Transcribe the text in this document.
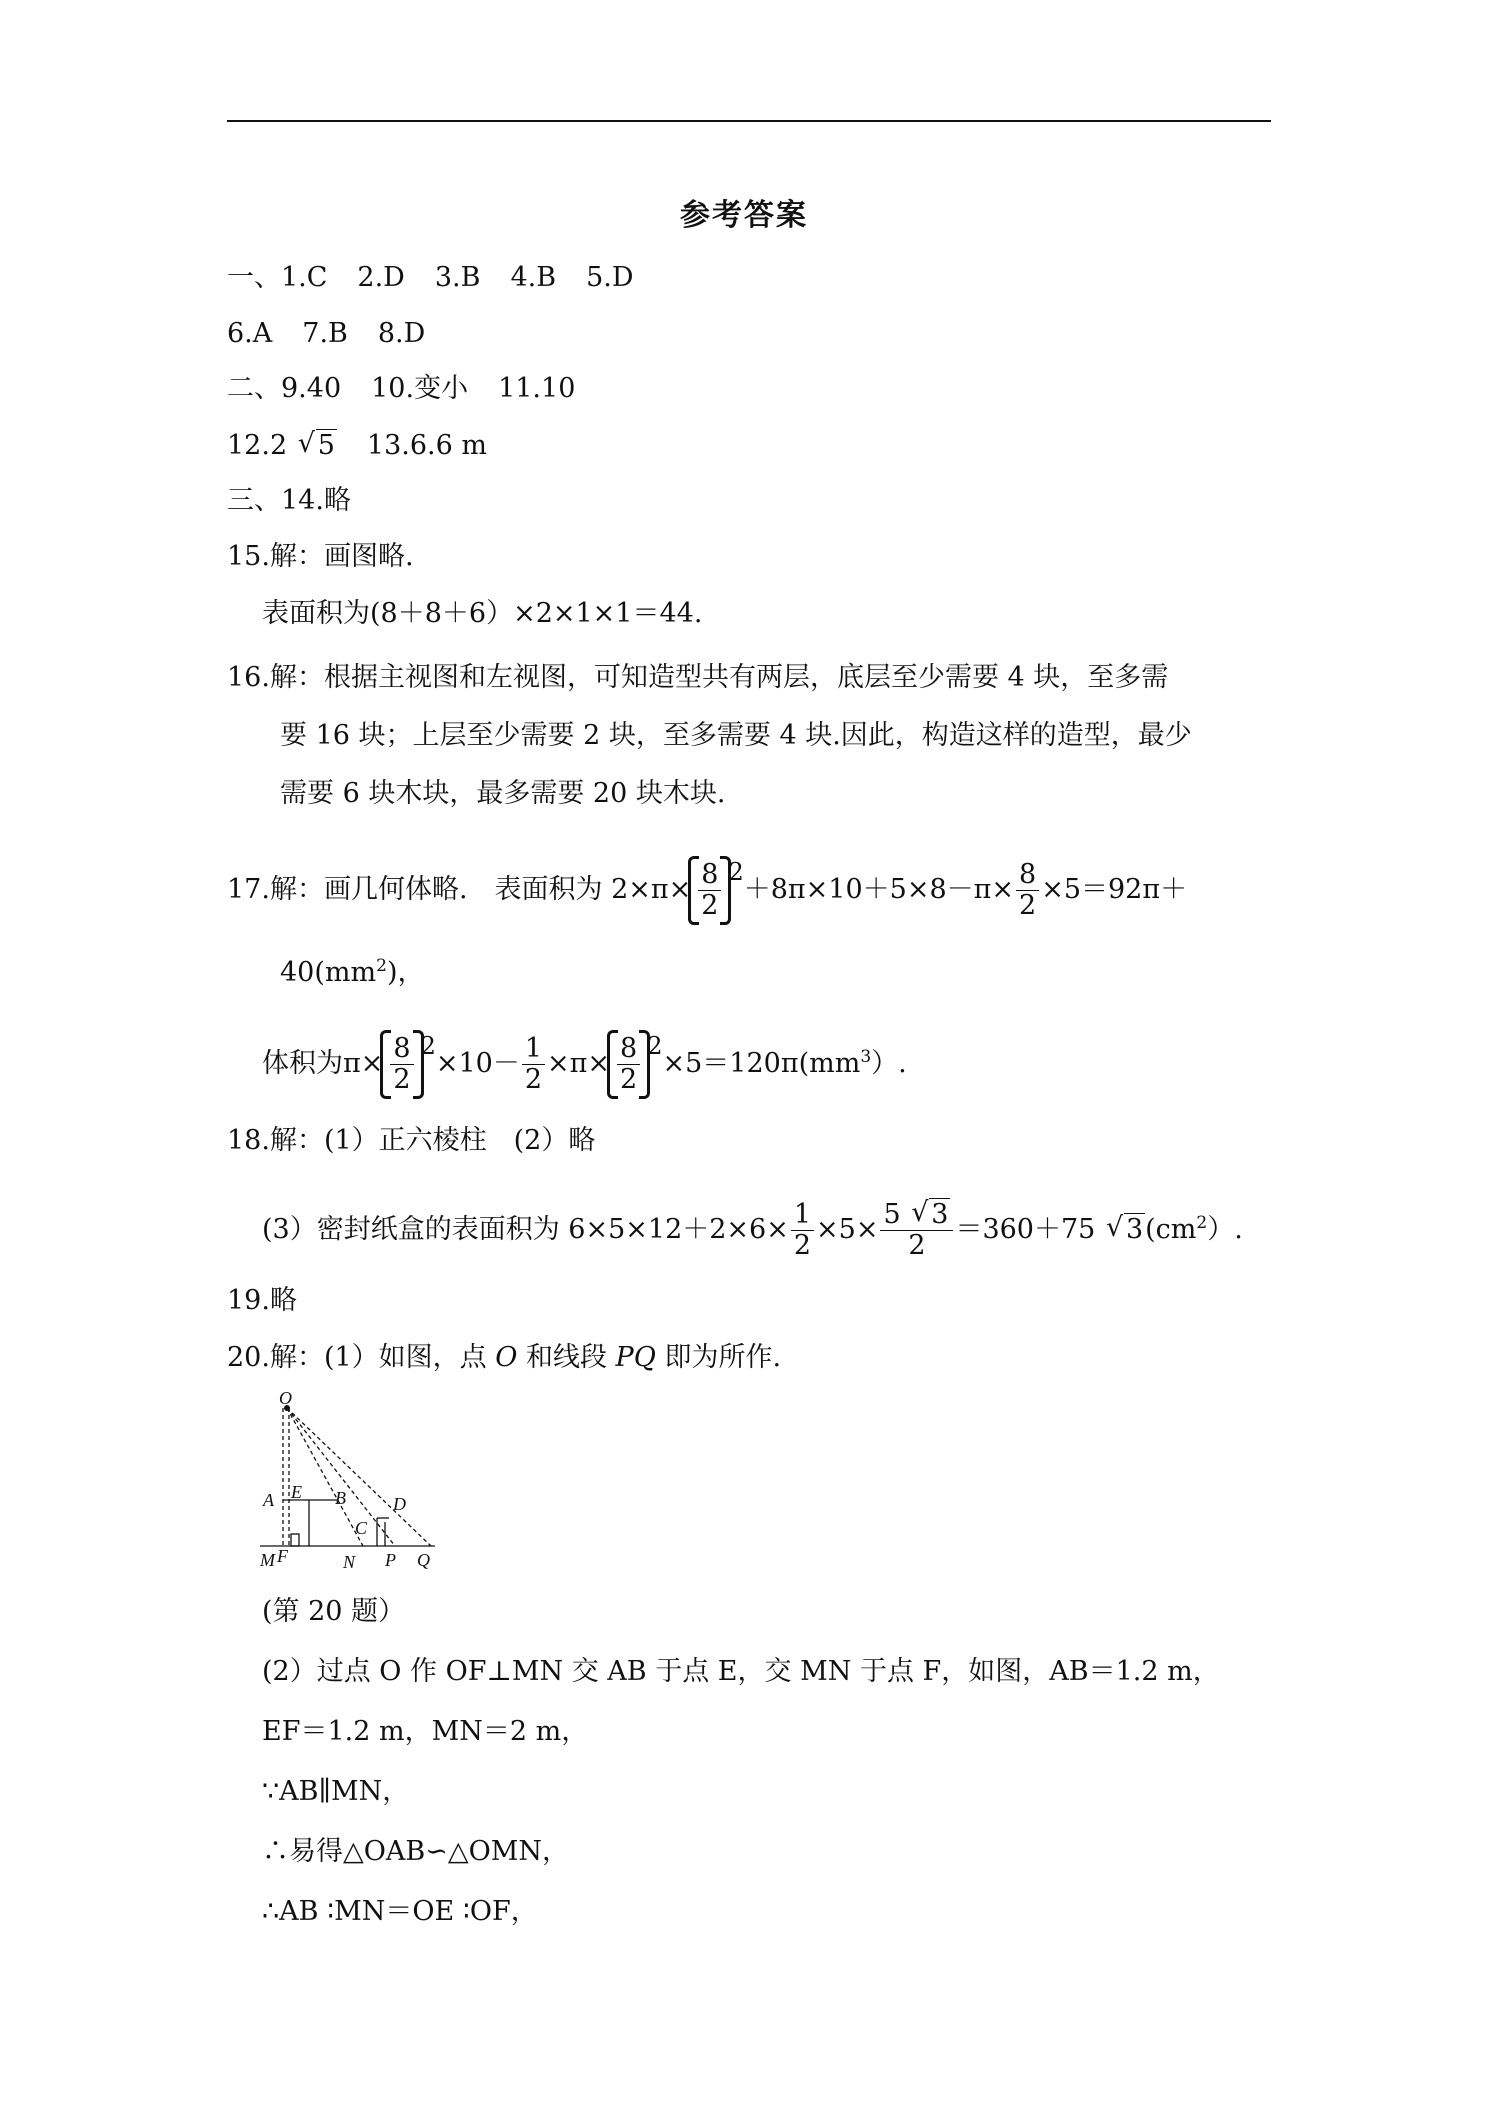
参考答案
一、1.C 2.D 3.B 4.B 5.D
6.A 7.B 8.D
二、9.40 10.变小 11.10
12.2 √ 5 13.6.6 m
三、14.略
15.解：画图略.
表面积为(8＋8＋6）×2×1×1＝44.
16.解：根据主视图和左视图，可知造型共有两层，底层至少需要 4 块，至多需
要 16 块；上层至少需要 2 块，至多需要 4 块.因此，构造这样的造型，最少
需要 6 块木块，最多需要 20 块木块.
17.解：画几何体略.　表面积为 $2\times\pi\times \frac{8}{2} ^2+8\pi\times 10+5\times 8-\pi\times \frac{8}{2} \times 5=92\pi+$
$40(mm^2)$，
体积为$\pi\times \frac{8}{2} ^2\times 10- \frac{1}{2} \times\pi\times \frac{8}{2} ^2\times 5=120\pi(mm^3)$.
18.解：(1）正六棱柱　(2）略
(3）密封纸盒的表面积为 $6\times 5\times 12+2\times 6\times \frac{1}{2} \times 5\times \frac{5 √ 3}{2} =360+75$ √ $3(cm^2)$.
19.略
20.解：(1）如图，点 O 和线段 PQ 即为所作.
O
A E B	D
C
M F	N P Q
(第 20 题）
(2）过点 O 作 OF⊥MN 交 AB 于点 E，交 MN 于点 F，如图，AB＝1.2 m，
EF＝1.2 m，MN＝2 m，
∵AB∥MN，
∴易得△OAB∽△OMN，
∴AB ∶MN＝OE ∶OF，
